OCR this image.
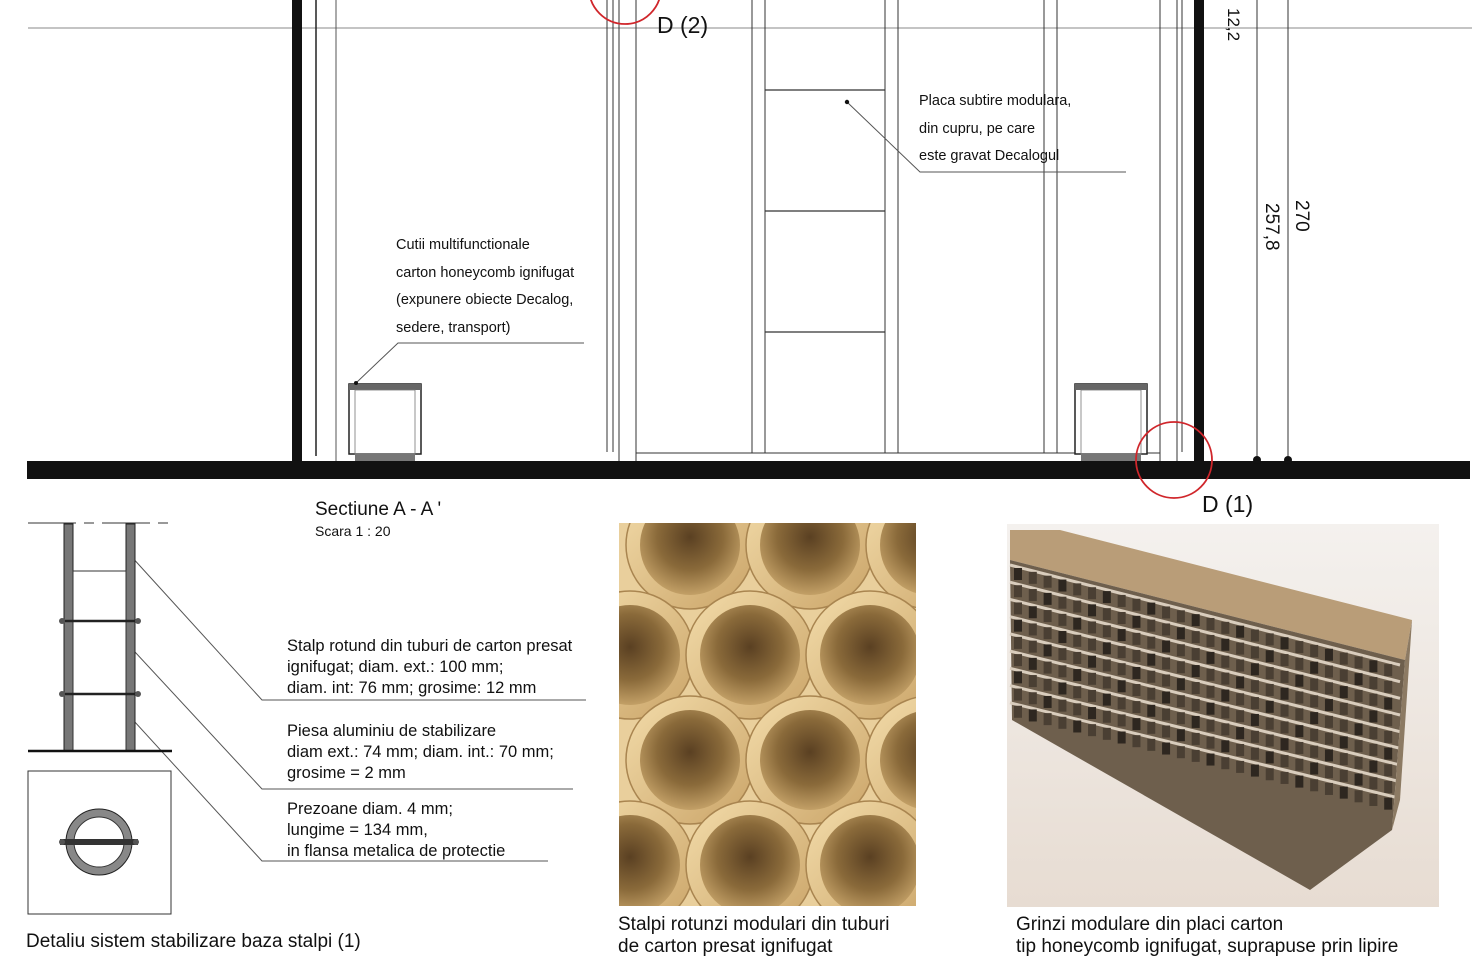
D (2)
D (1)
12,2
257,8 270
Placa subtire modulara,
din cupru, pe care
este gravat Decalogul
Cutii multifunctionale
carton honeycomb ignifugat
(expunere obiecte Decalog,
sedere, transport)
Sectiune A - A '
Scara 1 : 20
Stalp rotund din tuburi de carton presat
ignifugat; diam. ext.: 100 mm;
diam. int: 76 mm; grosime: 12 mm
Piesa aluminiu de stabilizare
diam ext.: 74 mm; diam. int.: 70 mm;
grosime = 2 mm
Prezoane diam. 4 mm;
lungime = 134 mm,
in flansa metalica de protectie
Detaliu sistem stabilizare baza stalpi (1)
Stalpi rotunzi modulari din tuburi
de carton presat ignifugat
Grinzi modulare din placi carton
tip honeycomb ignifugat, suprapuse prin lipire
